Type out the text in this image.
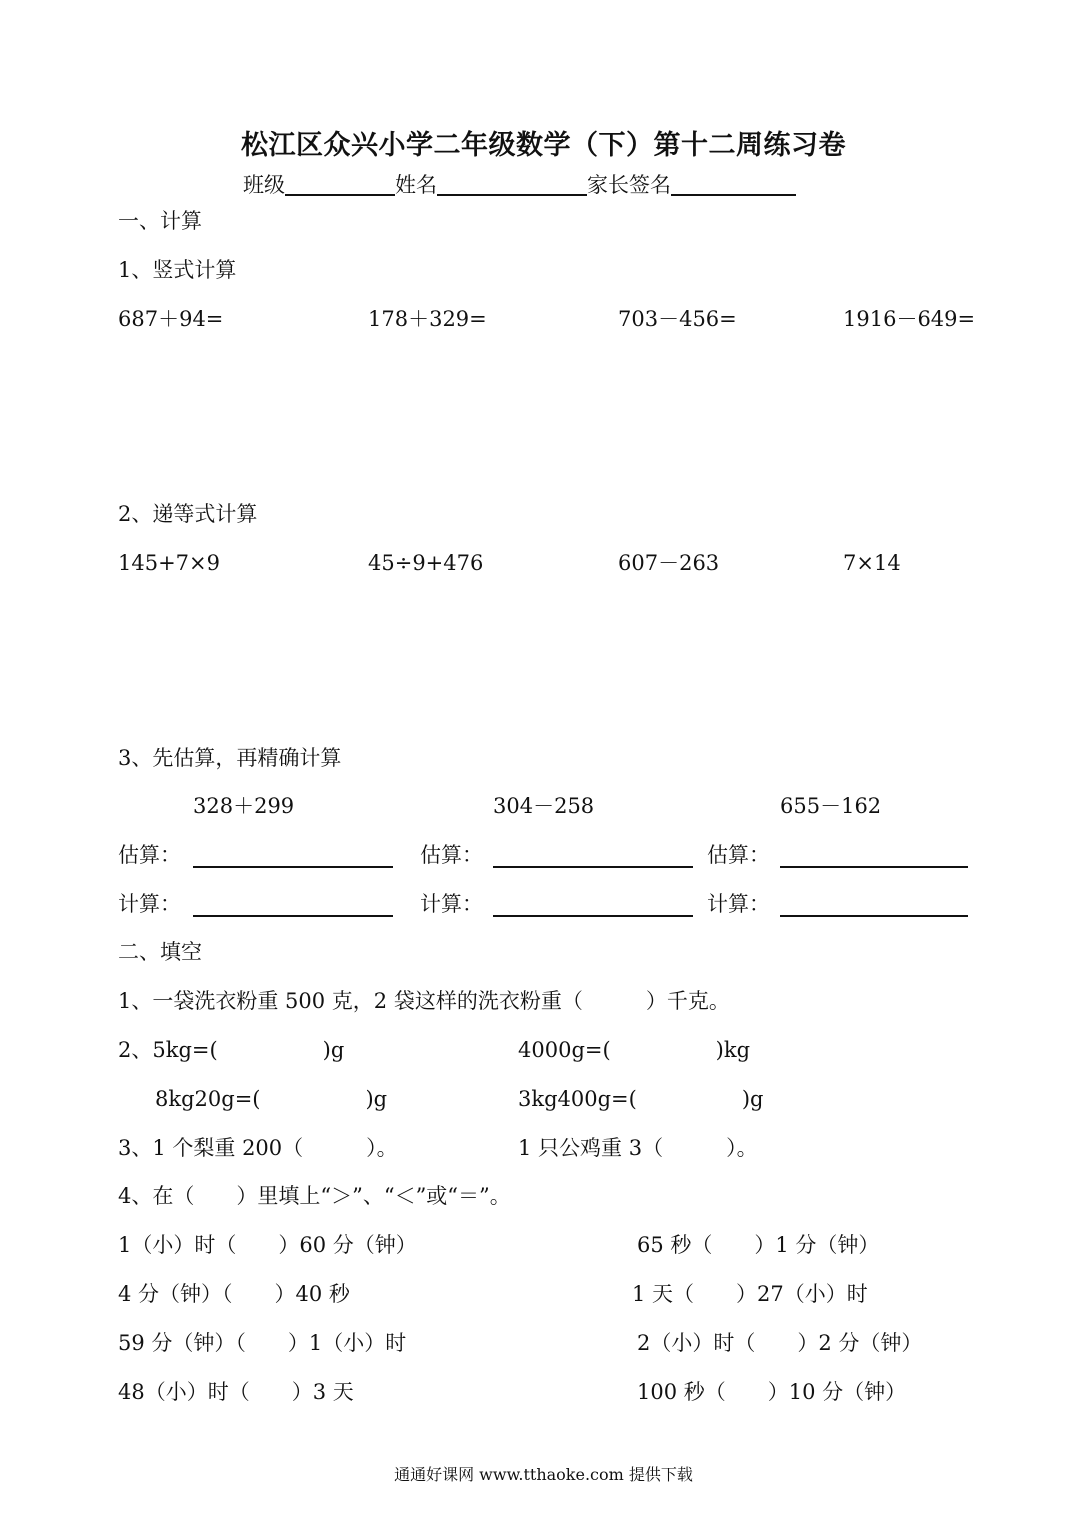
松江区众兴小学二年级数学（下）第十二周练习卷
班级	姓名	家长签名
一、计算
1、竖式计算
687＋94=	178＋329=	703－456=	1916－649=
2、递等式计算
145+7×9	45÷9+476	607－263	7×14
3、先估算，再精确计算
328＋299	304－258	655－162
估算：	估算：	估算：
计算：	计算：	计算：
二、填空
1、一袋洗衣粉重 500 克，2 袋这样的洗衣粉重（　　　）千克。
2、5kg=(　　　　　)g	4000g=(　　　　　)kg
8kg20g=(　　　　　)g	3kg400g=(　　　　　)g
3、1 个梨重 200（　　　）。	1 只公鸡重 3（　　　）。
4、在（　　）里填上“＞”、“＜”或“＝”。
1（小）时（　　）60 分（钟）	65 秒（　　）1 分（钟）
4 分（钟）（　　）40 秒	1 天（　　）27（小）时
59 分（钟）（　　）1（小）时	2（小）时（　　）2 分（钟）
48（小）时（　　）3 天	100 秒（　　）10 分（钟）
通通好课网 www.tthaoke.com 提供下载
